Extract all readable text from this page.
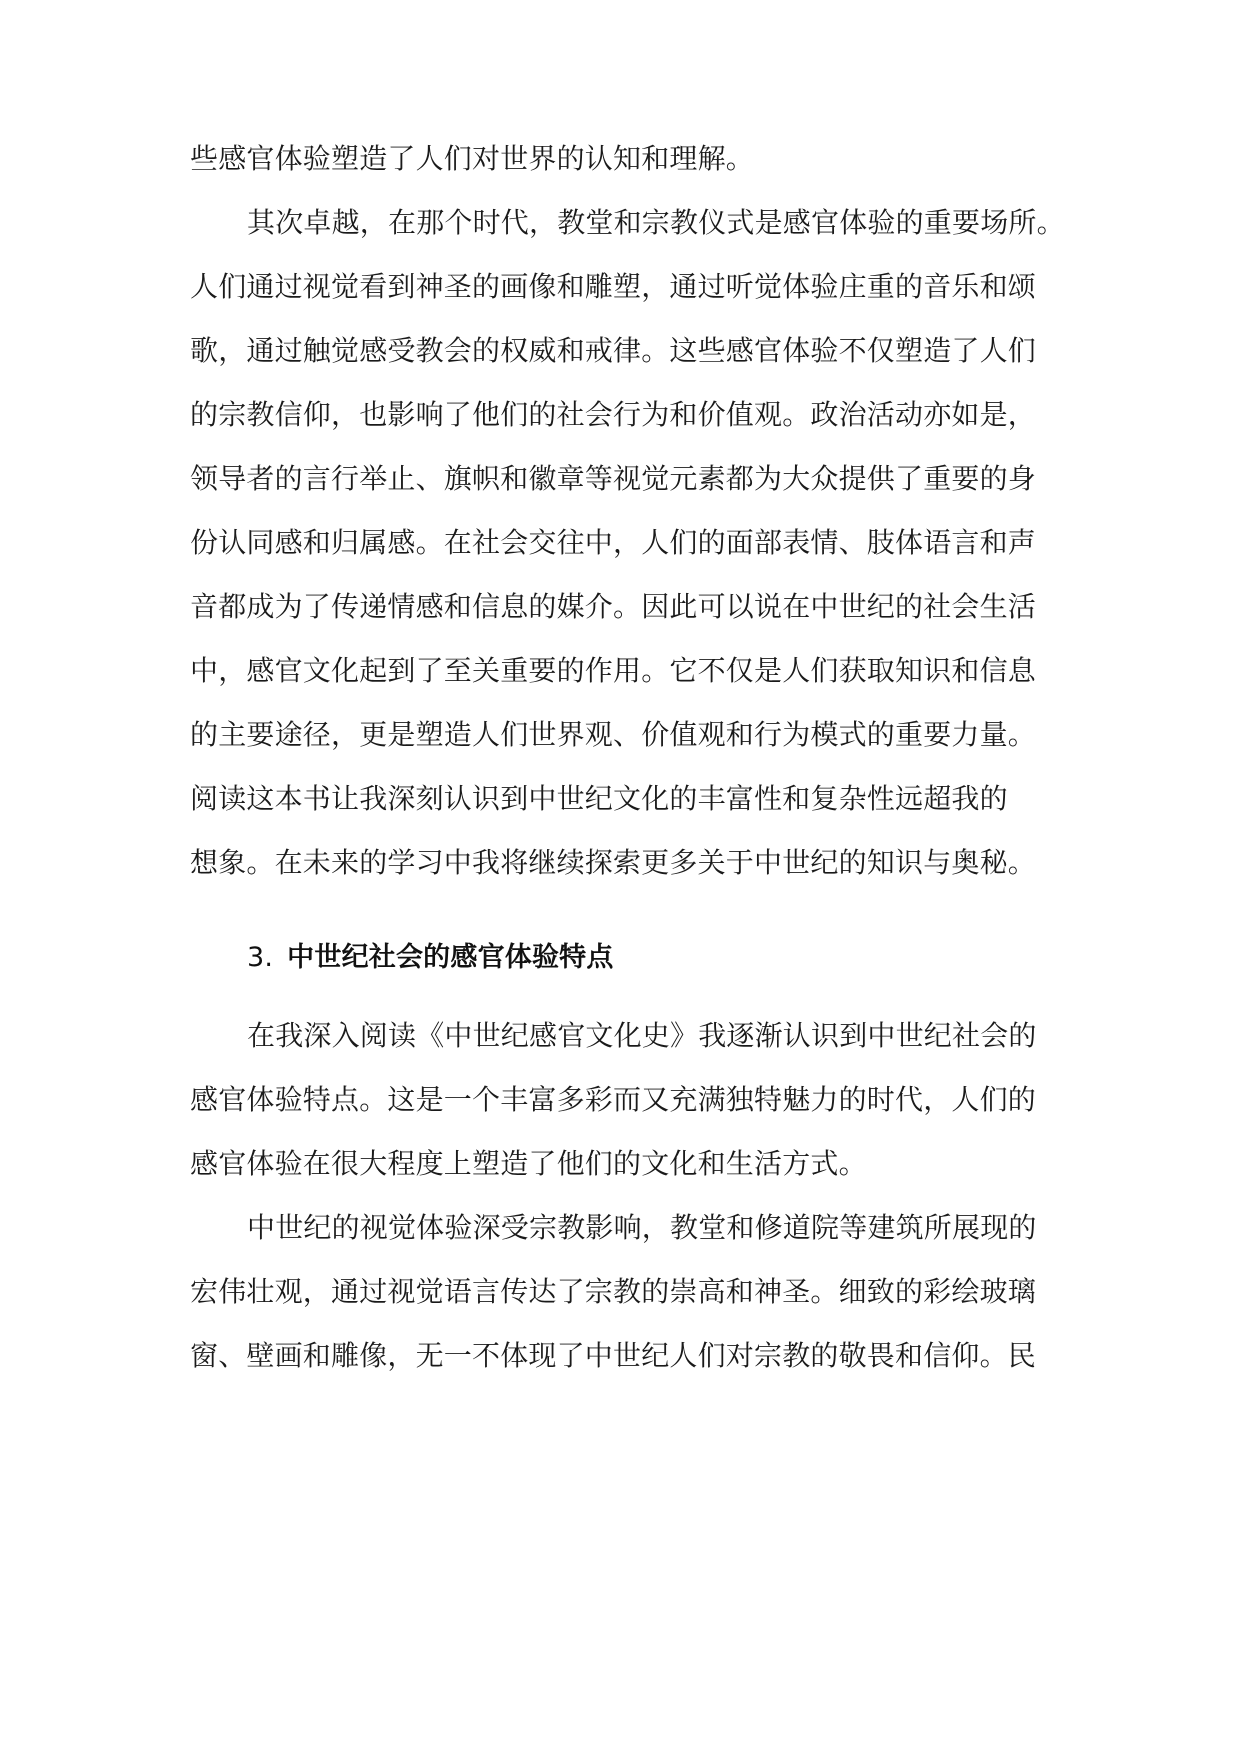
些感官体验塑造了人们对世界的认知和理解。
其次卓越，在那个时代，教堂和宗教仪式是感官体验的重要场所。
人们通过视觉看到神圣的画像和雕塑，通过听觉体验庄重的音乐和颂
歌，通过触觉感受教会的权威和戒律。这些感官体验不仅塑造了人们
的宗教信仰，也影响了他们的社会行为和价值观。政治活动亦如是，
领导者的言行举止、旗帜和徽章等视觉元素都为大众提供了重要的身
份认同感和归属感。在社会交往中，人们的面部表情、肢体语言和声
音都成为了传递情感和信息的媒介。因此可以说在中世纪的社会生活
中，感官文化起到了至关重要的作用。它不仅是人们获取知识和信息
的主要途径，更是塑造人们世界观、价值观和行为模式的重要力量。
阅读这本书让我深刻认识到中世纪文化的丰富性和复杂性远超我的
想象。在未来的学习中我将继续探索更多关于中世纪的知识与奥秘。
3. 中世纪社会的感官体验特点
在我深入阅读《中世纪感官文化史》我逐渐认识到中世纪社会的
感官体验特点。这是一个丰富多彩而又充满独特魅力的时代，人们的
感官体验在很大程度上塑造了他们的文化和生活方式。
中世纪的视觉体验深受宗教影响，教堂和修道院等建筑所展现的
宏伟壮观，通过视觉语言传达了宗教的崇高和神圣。细致的彩绘玻璃
窗、壁画和雕像，无一不体现了中世纪人们对宗教的敬畏和信仰。民
